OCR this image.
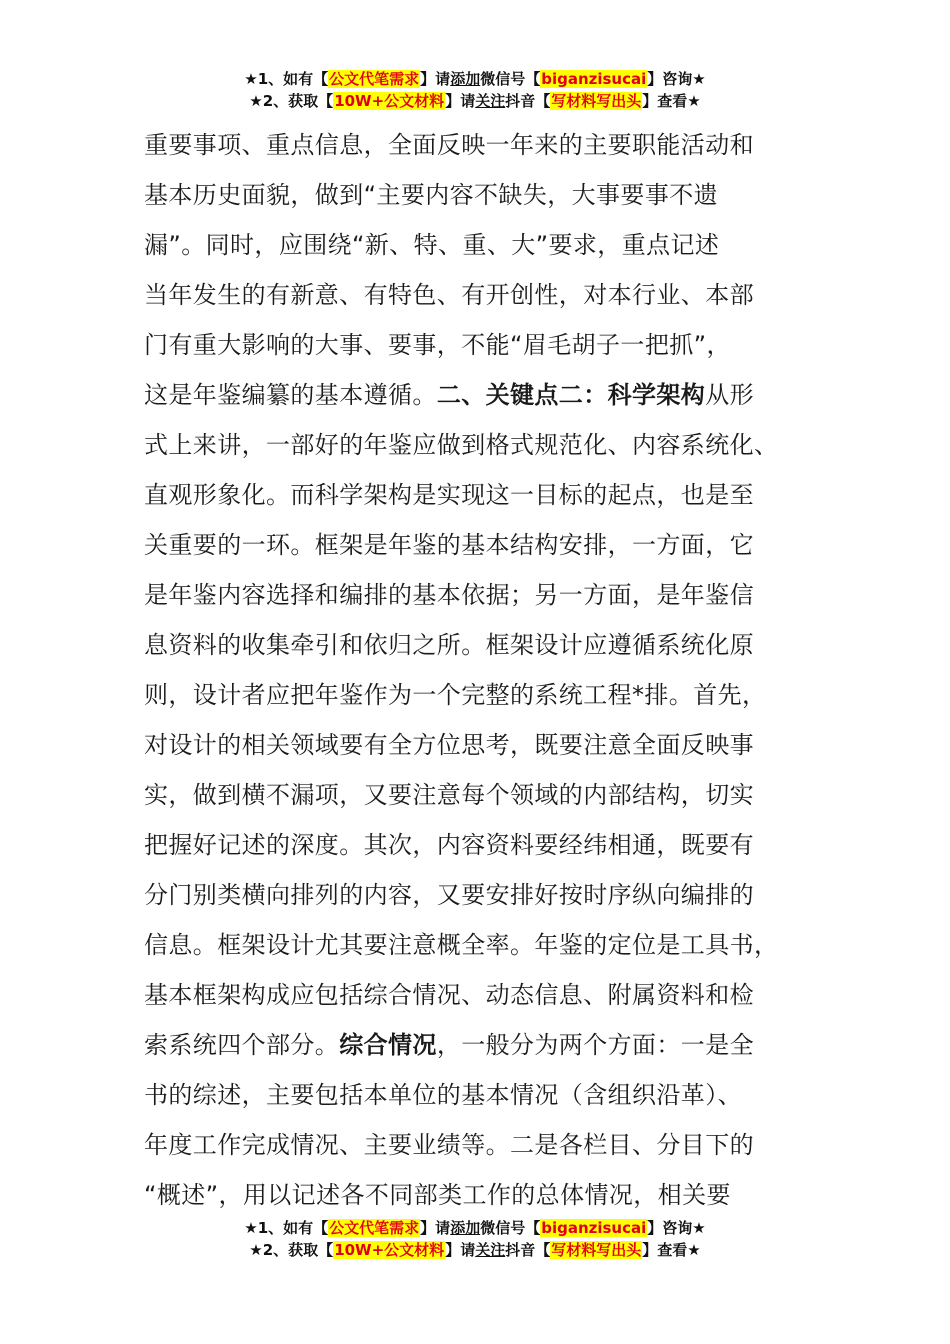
★1、如有【公文代笔需求】请添加微信号【biganzisucai】咨询★
★2、获取【10W+公文材料】请关注抖音【写材料写出头】查看★
重要事项、重点信息，全面反映一年来的主要职能活动和
基本历史面貌，做到“主要内容不缺失，大事要事不遗
漏”。同时，应围绕“新、特、重、大”要求，重点记述
当年发生的有新意、有特色、有开创性，对本行业、本部
门有重大影响的大事、要事，不能“眉毛胡子一把抓”，
这是年鉴编纂的基本遵循。二、关键点二：科学架构从形
式上来讲，一部好的年鉴应做到格式规范化、内容系统化、
直观形象化。而科学架构是实现这一目标的起点，也是至
关重要的一环。框架是年鉴的基本结构安排，一方面，它
是年鉴内容选择和编排的基本依据；另一方面，是年鉴信
息资料的收集牵引和依归之所。框架设计应遵循系统化原
则，设计者应把年鉴作为一个完整的系统工程*排。首先，
对设计的相关领域要有全方位思考，既要注意全面反映事
实，做到横不漏项，又要注意每个领域的内部结构，切实
把握好记述的深度。其次，内容资料要经纬相通，既要有
分门别类横向排列的内容，又要安排好按时序纵向编排的
信息。框架设计尤其要注意概全率。年鉴的定位是工具书，
基本框架构成应包括综合情况、动态信息、附属资料和检
索系统四个部分。综合情况，一般分为两个方面：一是全
书的综述，主要包括本单位的基本情况（含组织沿革）、
年度工作完成情况、主要业绩等。二是各栏目、分目下的
“概述”，用以记述各不同部类工作的总体情况，相关要
★1、如有【公文代笔需求】请添加微信号【biganzisucai】咨询★
★2、获取【10W+公文材料】请关注抖音【写材料写出头】查看★
